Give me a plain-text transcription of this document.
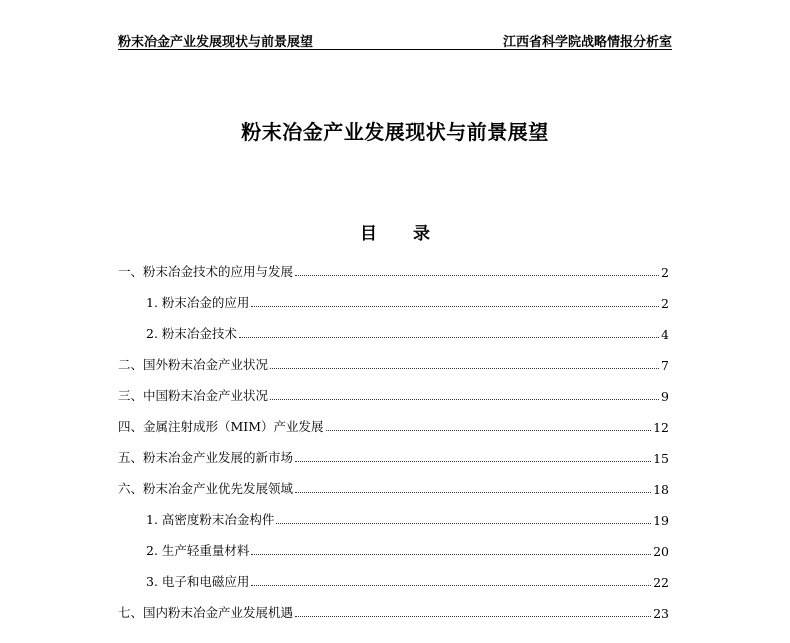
粉末冶金产业发展现状与前景展望	江西省科学院战略情报分析室
粉末冶金产业发展现状与前景展望
目录
一、粉末冶金技术的应用与发展	2
1. 粉末冶金的应用	2
2. 粉末冶金技术	4
二、国外粉末冶金产业状况	7
三、中国粉末冶金产业状况	9
四、金属注射成形（MIM）产业发展	12
五、粉末冶金产业发展的新市场	15
六、粉末冶金产业优先发展领域	18
1. 高密度粉末冶金构件	19
2. 生产轻重量材料	20
3. 电子和电磁应用	22
七、国内粉末冶金产业发展机遇	23
